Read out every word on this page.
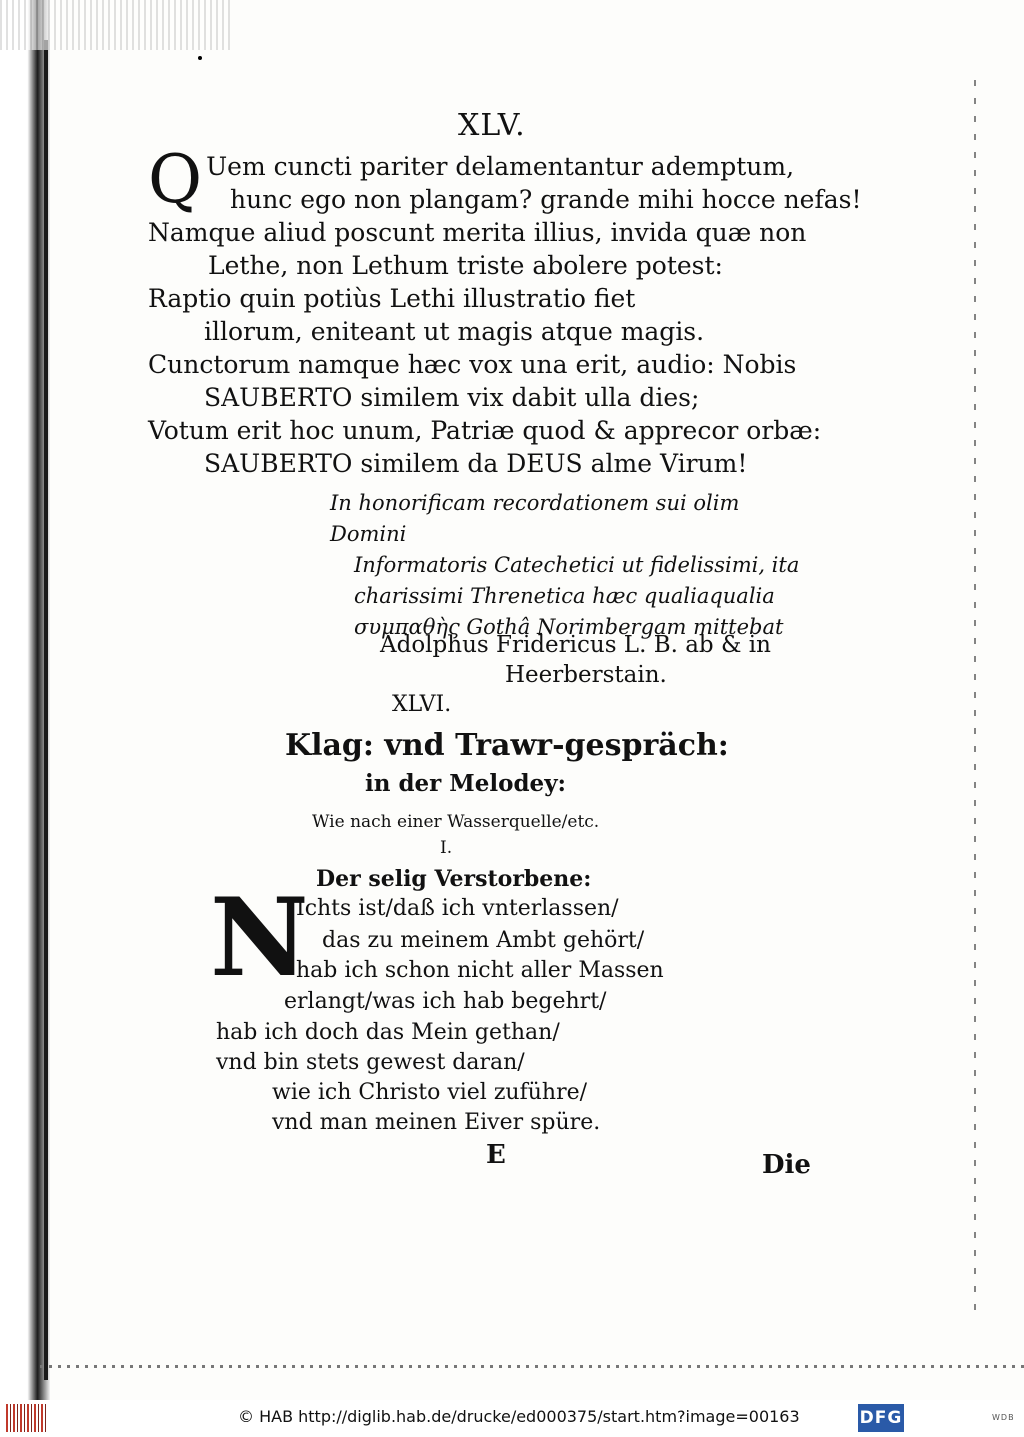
XLV.
Q Uem cuncti pariter delamentantur ademptum,
hunc ego non plangam? grande mihi hocce nefas!
Namque aliud poscunt merita illius, invida quæ non
Lethe, non Lethum triste abolere potest:
Raptio quin potiùs Lethi illustratio fiet
illorum, eniteant ut magis atque magis.
Cunctorum namque hæc vox una erit, audio: Nobis
SAUBERTO similem vix dabit ulla dies;
Votum erit hoc unum, Patriæ quod & apprecor orbæ:
SAUBERTO similem da DEUS alme Virum!
In honorificam recordationem sui olim Domini
Informatoris Catechetici ut fidelissimi, ita
charissimi Threnetica hæc qualiaqualia
συμπαθὴς Gothâ Norimbergam mittebat
Adolphus Fridericus L. B. ab & in
Heerberstain.
XLVI.
Klag: vnd Trawr-gespräch:
in der Melodey:
Wie nach einer Wasserquelle/etc.
I.
Der selig Verstorbene:
N
Ichts ist/daß ich vnterlassen/
das zu meinem Ambt gehört/
hab ich schon nicht aller Massen
erlangt/was ich hab begehrt/
hab ich doch das Mein gethan/
vnd bin stets gewest daran/
wie ich Christo viel zuführe/
vnd man meinen Eiver spüre.
E	Die
© HAB http://diglib.hab.de/drucke/ed000375/start.htm?image=00163	DFG	WDB
